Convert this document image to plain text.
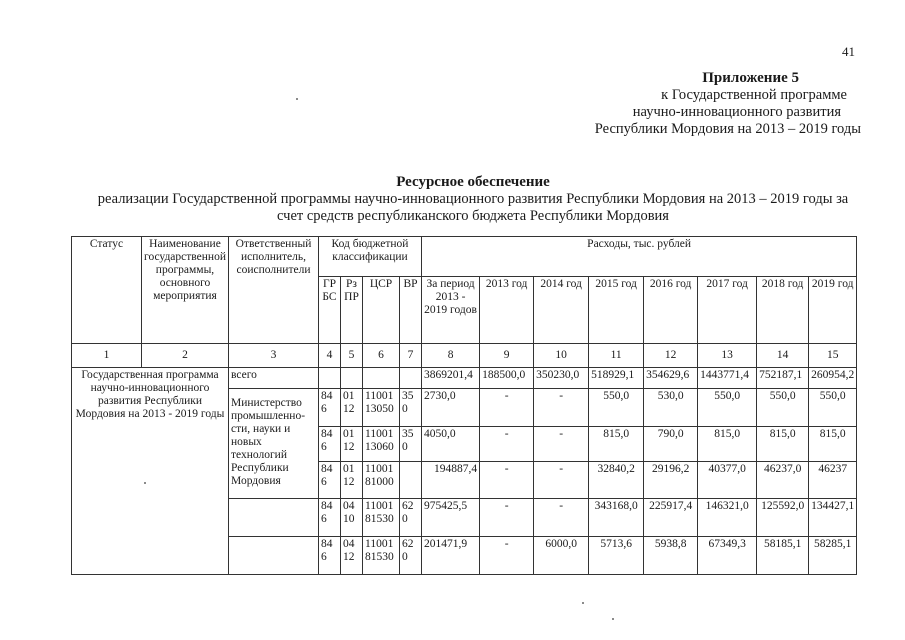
41
Приложение 5
к Государственной программе
научно-инновационного развития
Республики Мордовия на 2013 – 2019 годы
Ресурсное обеспечение
реализации Государственной программы научно-инновационного развития Республики Мордовия на 2013 – 2019 годы за
счет средств республиканского бюджета Республики Мордовия
Статус	Наименование государственной программы, основного мероприятия	Ответственный исполнитель, соисполнители	Код бюджетной классификации				Расходы, тыс. рублей							
			ГР БС	Рз ПР	ЦСР	ВР	За период 2013 - 2019 годов	2013 год	2014 год	2015 год	2016 год	2017 год	2018 год	2019 год
1	2	3	4	5	6	7	8	9	10	11	12	13	14	15
Государственная программа научно-инновационного развития Республики Мордовия на 2013 - 2019 годы		всего					3869201,4	188500,0	350230,0	518929,1	354629,6	1443771,4	752187,1	260954,2
		Министерство промышленно-сти, науки и новых технологий Республики Мордовия	84 6	01 12	11001 13050	35 0	2730,0	-	-	550,0	530,0	550,0	550,0	550,0
			84 6	01 12	11001 13060	35 0	4050,0	-	-	815,0	790,0	815,0	815,0	815,0
			84 6	01 12	11001 81000		194887,4	-	-	32840,2	29196,2	40377,0	46237,0	46237
			84 6	04 10	11001 81530	62 0	975425,5	-	-	343168,0	225917,4	146321,0	125592,0	134427,1
			84 6	04 12	11001 81530	62 0	201471,9	-	6000,0	5713,6	5938,8	67349,3	58185,1	58285,1
